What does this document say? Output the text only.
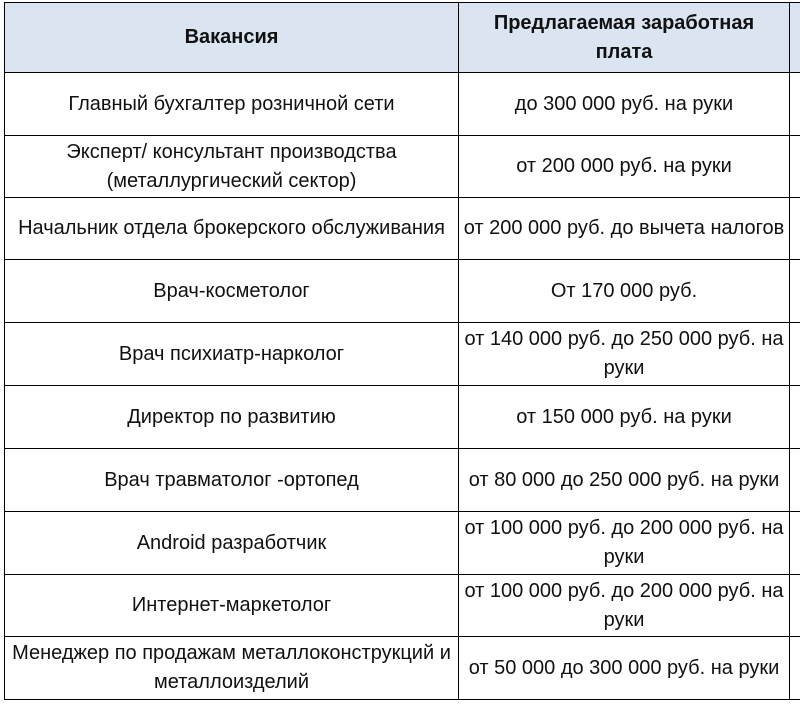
Вакансия	Предлагаемая заработная плата	
Главный бухгалтер розничной сети	до 300 000 руб. на руки	
Эксперт/ консультант производства (металлургический сектор)	от 200 000 руб. на руки	
Начальник отдела брокерского обслуживания	от 200 000 руб. до вычета налогов	
Врач-косметолог	От 170 000 руб.	
Врач психиатр-нарколог	от 140 000 руб. до 250 000 руб. на руки	
Директор по развитию	от 150 000 руб. на руки	
Врач травматолог -ортопед	от 80 000 до 250 000 руб. на руки	
Android разработчик	от 100 000 руб. до 200 000 руб. на руки	
Интернет-маркетолог	от 100 000 руб. до 200 000 руб. на руки	
Менеджер по продажам металлоконструкций и металлоизделий	от 50 000 до 300 000 руб. на руки	
